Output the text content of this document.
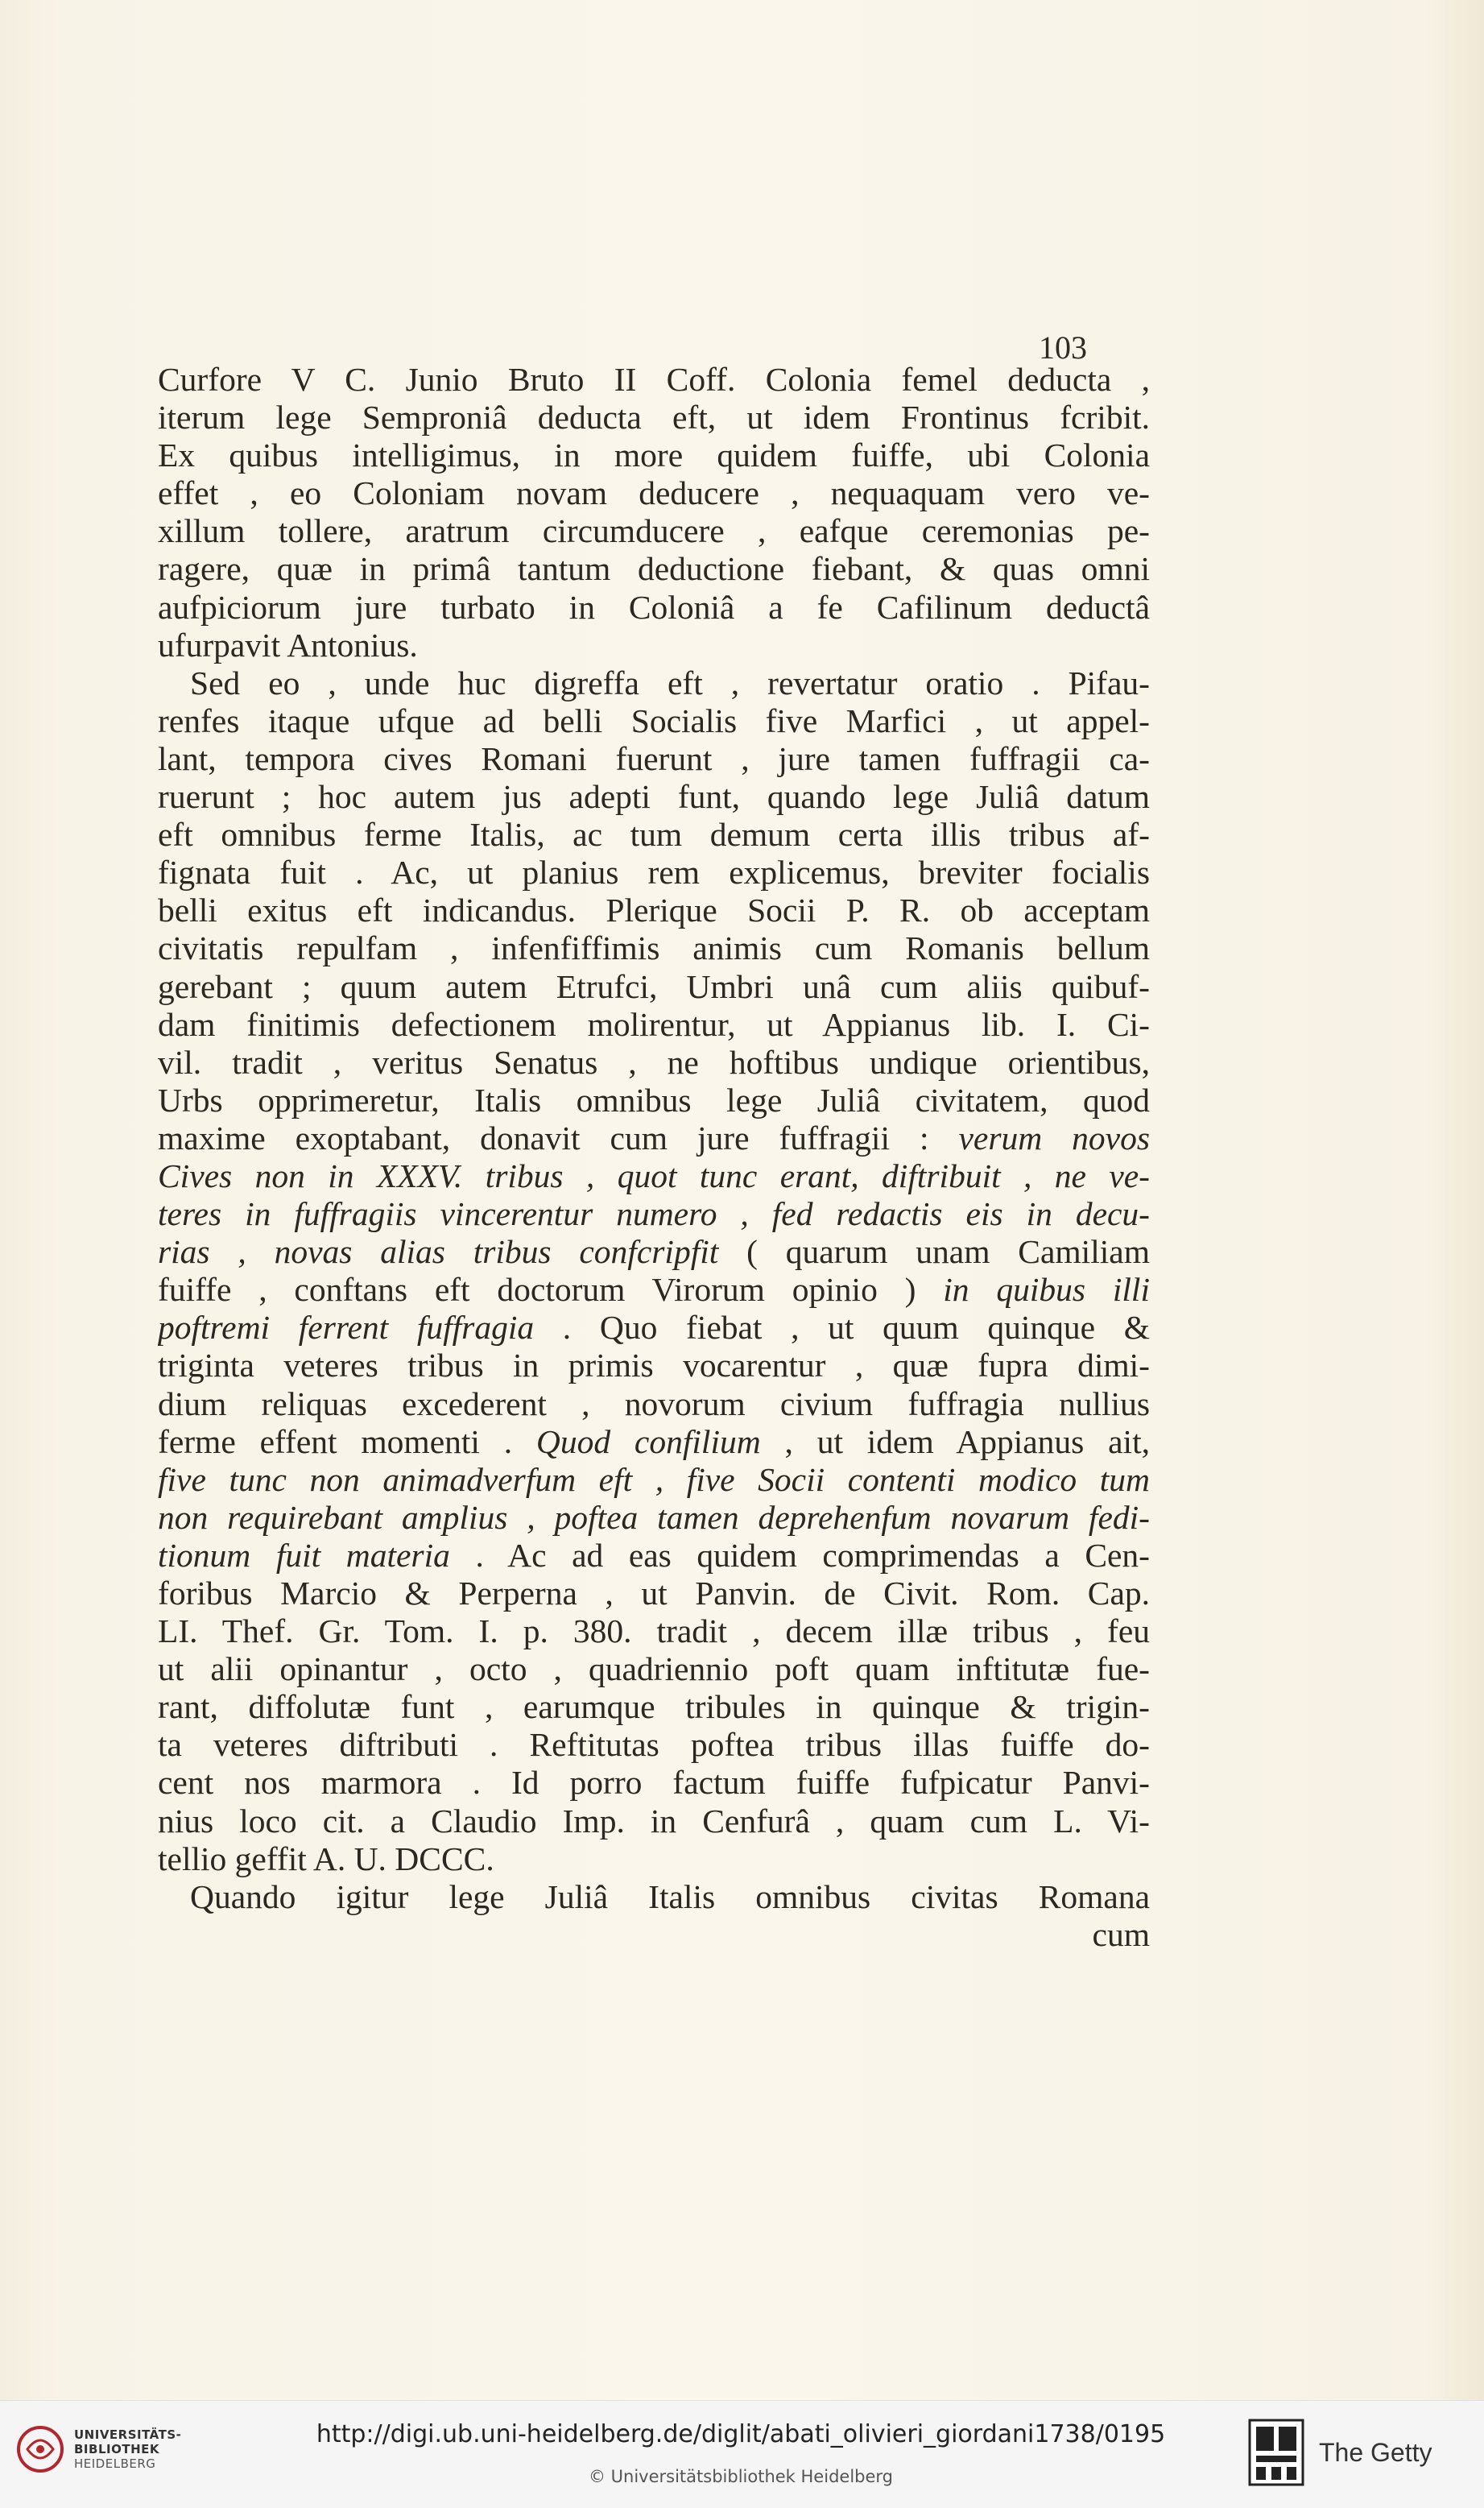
103
Curfore V C. Junio Bruto II Coff. Colonia femel deducta ,
iterum lege Semproniâ deducta eft, ut idem Frontinus fcribit.
Ex quibus intelligimus, in more quidem fuiffe, ubi Colonia
effet , eo Coloniam novam deducere , nequaquam vero ve-
xillum tollere, aratrum circumducere , eafque ceremonias pe-
ragere, quæ in primâ tantum deductione fiebant, & quas omni
aufpiciorum jure turbato in Coloniâ a fe Cafilinum deductâ
ufurpavit Antonius.
Sed eo , unde huc digreffa eft , revertatur oratio . Pifau-
renfes itaque ufque ad belli Socialis five Marfici , ut appel-
lant, tempora cives Romani fuerunt , jure tamen fuffragii ca-
ruerunt ; hoc autem jus adepti funt, quando lege Juliâ datum
eft omnibus ferme Italis, ac tum demum certa illis tribus af-
fignata fuit . Ac, ut planius rem explicemus, breviter focialis
belli exitus eft indicandus. Plerique Socii P. R. ob acceptam
civitatis repulfam , infenfiffimis animis cum Romanis bellum
gerebant ; quum autem Etrufci, Umbri unâ cum aliis quibuf-
dam finitimis defectionem molirentur, ut Appianus lib. I. Ci-
vil. tradit , veritus Senatus , ne hoftibus undique orientibus,
Urbs opprimeretur, Italis omnibus lege Juliâ civitatem, quod
maxime exoptabant, donavit cum jure fuffragii : verum novos
Cives non in XXXV. tribus , quot tunc erant, diftribuit , ne ve-
teres in fuffragiis vincerentur numero , fed redactis eis in decu-
rias , novas alias tribus confcripfit ( quarum unam Camiliam
fuiffe , conftans eft doctorum Virorum opinio ) in quibus illi
poftremi ferrent fuffragia . Quo fiebat , ut quum quinque &
triginta veteres tribus in primis vocarentur , quæ fupra dimi-
dium reliquas excederent , novorum civium fuffragia nullius
ferme effent momenti . Quod confilium , ut idem Appianus ait,
five tunc non animadverfum eft , five Socii contenti modico tum
non requirebant amplius , poftea tamen deprehenfum novarum fedi-
tionum fuit materia . Ac ad eas quidem comprimendas a Cen-
foribus Marcio & Perperna , ut Panvin. de Civit. Rom. Cap.
LI. Thef. Gr. Tom. I. p. 380. tradit , decem illæ tribus , feu
ut alii opinantur , octo , quadriennio poft quam inftitutæ fue-
rant, diffolutæ funt , earumque tribules in quinque & trigin-
ta veteres diftributi . Reftitutas poftea tribus illas fuiffe do-
cent nos marmora . Id porro factum fuiffe fufpicatur Panvi-
nius loco cit. a Claudio Imp. in Cenfurâ , quam cum L. Vi-
tellio geffit A. U. DCCC.
Quando igitur lege Juliâ Italis omnibus civitas Romana
cum
UNIVERSITÄTS-
BIBLIOTHEK
HEIDELBERG
http://digi.ub.uni-heidelberg.de/diglit/abati_olivieri_giordani1738/0195
© Universitätsbibliothek Heidelberg
The Getty
